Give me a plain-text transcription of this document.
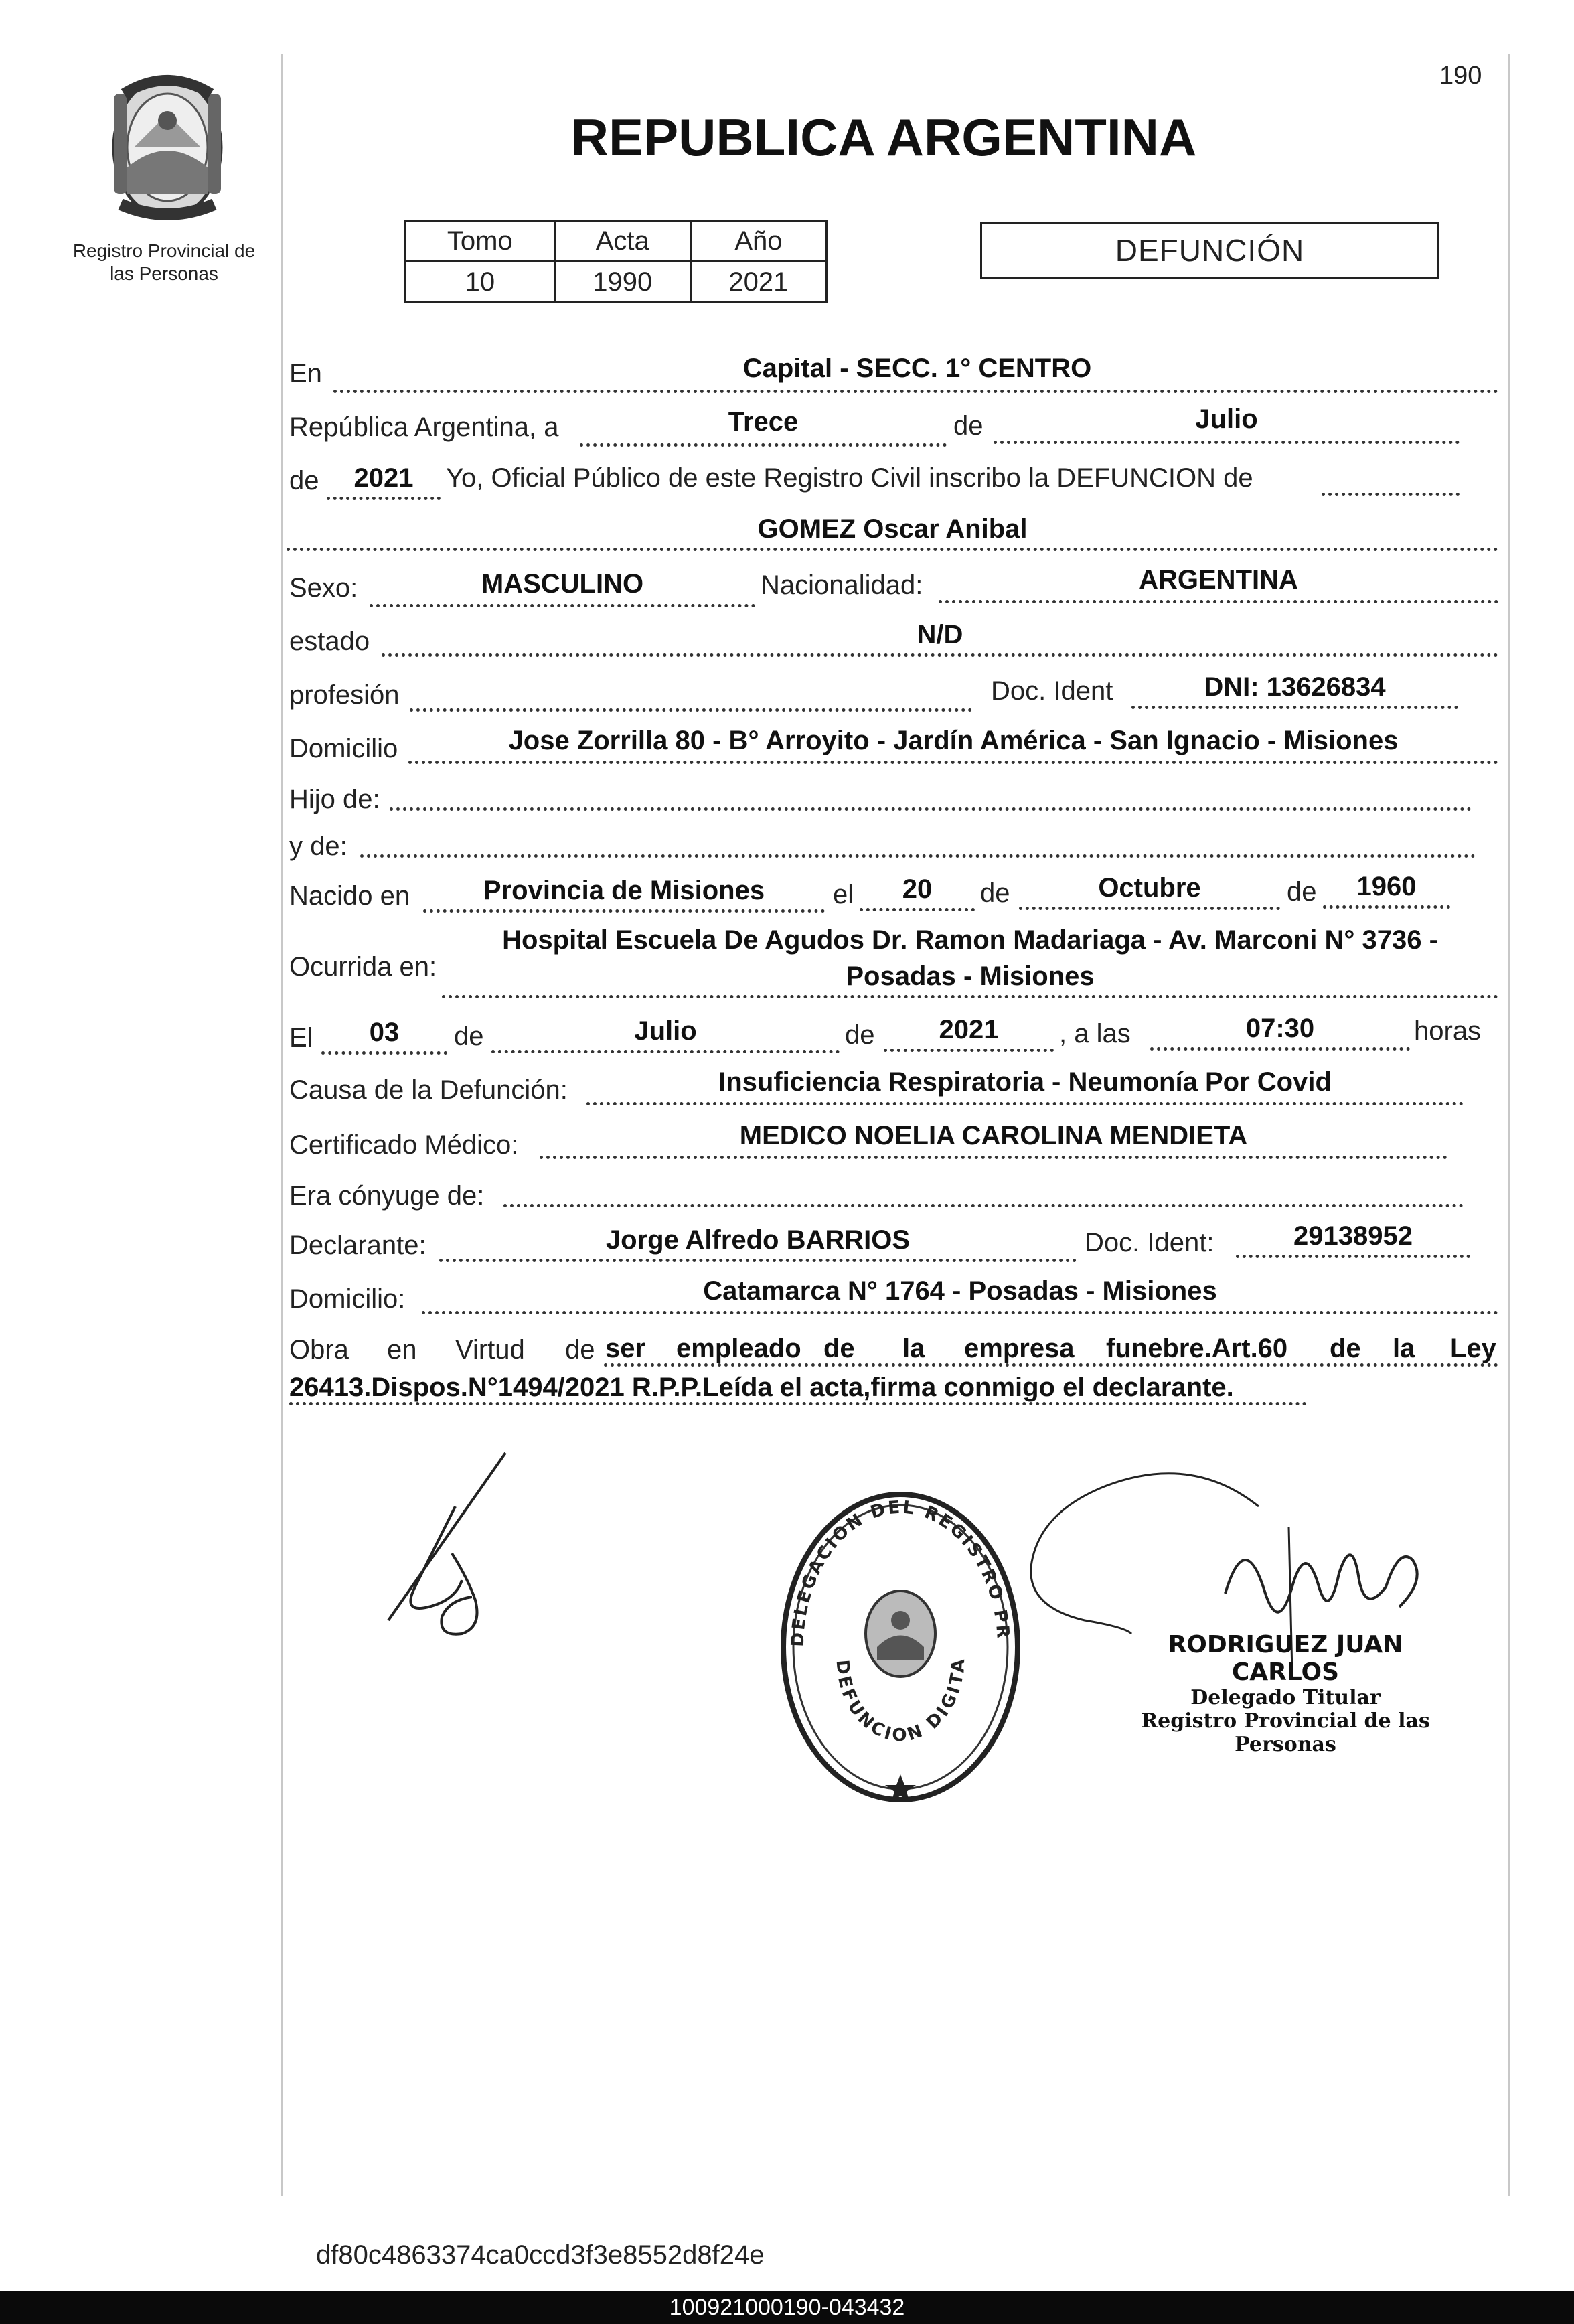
Registro Provincial de
las Personas
190
REPUBLICA ARGENTINA
Tomo	Acta	Año
10	1990	2021
DEFUNCIÓN
En	Capital - SECC. 1° CENTRO
República Argentina, a	Trece	de	Julio
de	2021	Yo, Oficial Público de este Registro Civil inscribo la DEFUNCION de
GOMEZ Oscar Anibal
Sexo:	MASCULINO	Nacionalidad:	ARGENTINA
estado	N/D
profesión	Doc. Ident	DNI: 13626834
Domicilio	Jose Zorrilla 80 - B° Arroyito - Jardín América - San Ignacio - Misiones
Hijo de:
y de:
Nacido en	Provincia de Misiones	el	20	de	Octubre	de	1960
Ocurrida en:
Hospital Escuela De Agudos Dr. Ramon Madariaga - Av. Marconi N° 3736 -
Posadas - Misiones
El	03	de	Julio	de	2021	, a las	07:30	horas
Causa de la Defunción:	Insuficiencia Respiratoria - Neumonía Por Covid
Certificado Médico:	MEDICO NOELIA CAROLINA MENDIETA
Era cónyuge de:
Declarante:	Jorge Alfredo BARRIOS	Doc. Ident:	29138952
Domicilio:	Catamarca N° 1764 - Posadas - Misiones
Obra en Virtud de ser empleado de la empresa funebre.Art.60 de la Ley
26413.Dispos.N°1494/2021 R.P.P.Leída el acta,firma conmigo el declarante.
DELEGACION DEL REGISTRO PR
DEFUNCION DIGITA
RODRIGUEZ JUAN CARLOS
Delegado Titular
Registro Provincial de las Personas
df80c4863374ca0ccd3f3e8552d8f24e
100921000190-043432
